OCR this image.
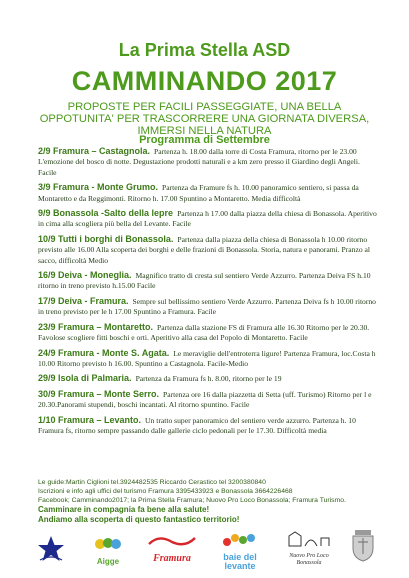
La Prima Stella ASD
CAMMINANDO 2017
PROPOSTE PER FACILI PASSEGGIATE, UNA BELLA OPPOTUNITA' PER TRASCORRERE UNA GIORNATA DIVERSA, IMMERSI NELLA NATURA
Programma di Settembre
2/9 Framura – Castagnola. Partenza h. 18.00 dalla torre di Costa Framura, ritorno per le 23.00 L'emozione del bosco di notte. Degustazione prodotti naturali e a km zero presso il Giardino degli Angeli. Facile
3/9 Framura - Monte Grumo. Partenza da Framure fs h. 10.00 panoramico sentiero, si passa da Montaretto e da Reggimonti. Ritorno h. 17.00 Spuntino a Montaretto. Media difficoltà
9/9 Bonassola -Salto della lepre Partenza h 17.00 dalla piazza della chiesa di Bonassola. Aperitivo in cima alla scogliera più bella del Levante. Facile
10/9 Tutti i borghi di Bonassola. Partenza dalla piazza della chiesa di Bonassola h 10.00 ritorno previsto alle 16.00 Alla scoperta dei borghi e delle frazioni di Bonassola. Storia, natura e panorami. Pranzo al sacco, difficoltà Medio
16/9 Deiva - Moneglia. Magnifico tratto di cresta sul sentiero Verde Azzurro. Partenza Deiva FS h.10 ritorno in treno previsto h.15.00 Facile
17/9 Deiva - Framura. Sempre sul bellissimo sentiero Verde Azzurro. Partenza Deiva fs h 10.00 ritorno in treno previsto per le h 17.00 Spuntino a Framura. Facile
23/9 Framura – Montaretto. Partenza dalla stazione FS di Framura alle 16.30 Ritorno per le 20.30. Favolose scogliere fitti boschi e orti. Aperitivo alla casa del Popolo di Montaretto. Facile
24/9 Framura - Monte S. Agata. Le meraviglie dell'entroterra ligure! Partenza Framura, loc.Costa h 10.00 Ritorno previsto h 16.00. Spuntino a Castagnola. Facile-Medio
29/9 Isola di Palmaria. Partenza da Framura fs h. 8.00, ritorno per le 19
30/9 Framura – Monte Serro. Partenza ore 16 dalla piazzetta di Setta (uff. Turismo) Ritorno per l e 20.30.Panorami stupendi, boschi incantati. Al ritorno spuntino. Facile
1/10 Framura – Levanto. Un tratto super panoramico del sentiero verde azzurro. Partenza h. 10 Framura fs, ritorno sempre passando dalle gallerie ciclo pedonali per le 17.30. Difficoltà media
Le guide:Martin Ciglioni tel.3924482535 Riccardo Cerastico tel 3200380840
Iscrizioni e info agli uffici del turismo Framura 3395433923 e Bonassola 3664226468
Facebook; Camminando2017; la Prima Stella Framura; Nuovo Pro Loco Bonassola; Framura Turismo.
Camminare in compagnia fa bene alla salute!
Andiamo alla scoperta di questo fantastico territorio!
Aigge	Framura	baie del levante
Nuovo Pro Loco Bonassola
